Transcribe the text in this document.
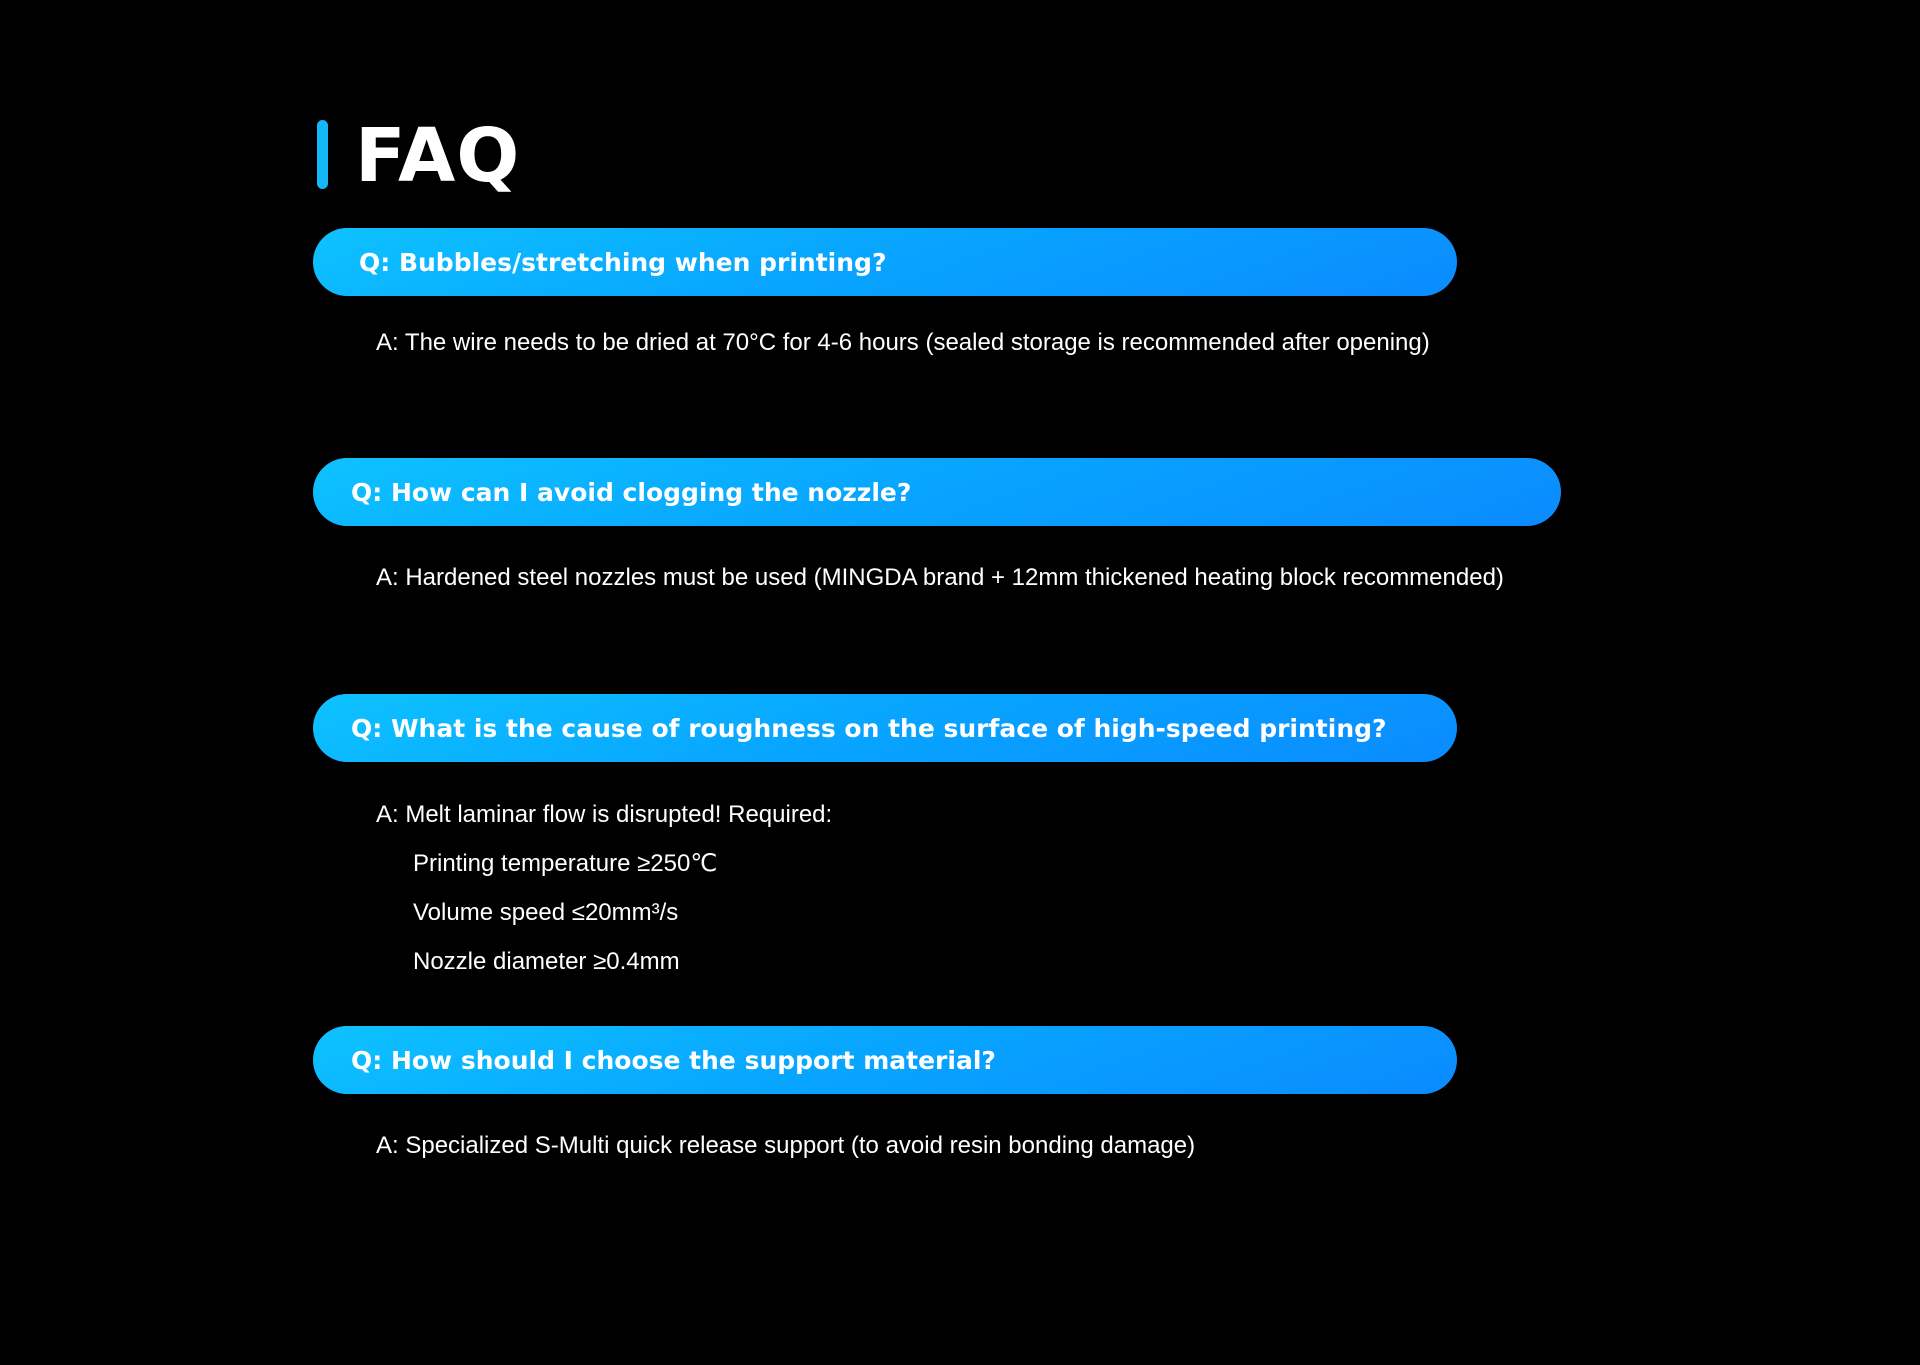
FAQ
Q: Bubbles/stretching when printing?

A: The wire needs to be dried at 70°C for 4-6 hours (sealed storage is recommended after opening)

Q: How can I avoid clogging the nozzle?

A: Hardened steel nozzles must be used (MINGDA brand + 12mm thickened heating block recommended)

Q: What is the cause of roughness on the surface of high-speed printing?

A: Melt laminar flow is disrupted! Required:

Printing temperature ≥250℃

Volume speed ≤20mm³/s

Nozzle diameter ≥0.4mm

Q: How should I choose the support material?

A: Specialized S-Multi quick release support (to avoid resin bonding damage)
